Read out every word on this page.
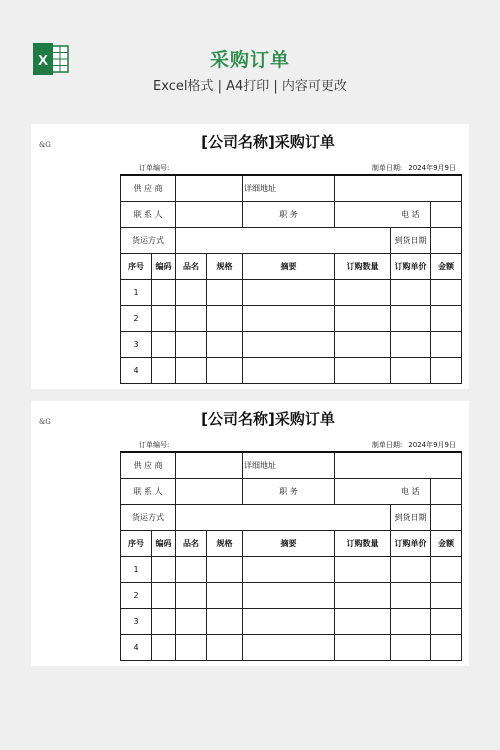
X	采购订单
Excel格式 | A4打印 | 内容可更改
&G	[公司名称]采购订单
订单编号:	制单日期: 2024年9月9日
供 应 商				详细地址			
联 系 人				职 务		电 话	
货运方式						到货日期	
序号	编码	品名	规格	摘要	订购数量	订购单价	金额
1							
2							
3							
4							
&G	[公司名称]采购订单
订单编号:	制单日期: 2024年9月9日
供 应 商				详细地址			
联 系 人				职 务		电 话	
货运方式						到货日期	
序号	编码	品名	规格	摘要	订购数量	订购单价	金额
1							
2							
3							
4							
